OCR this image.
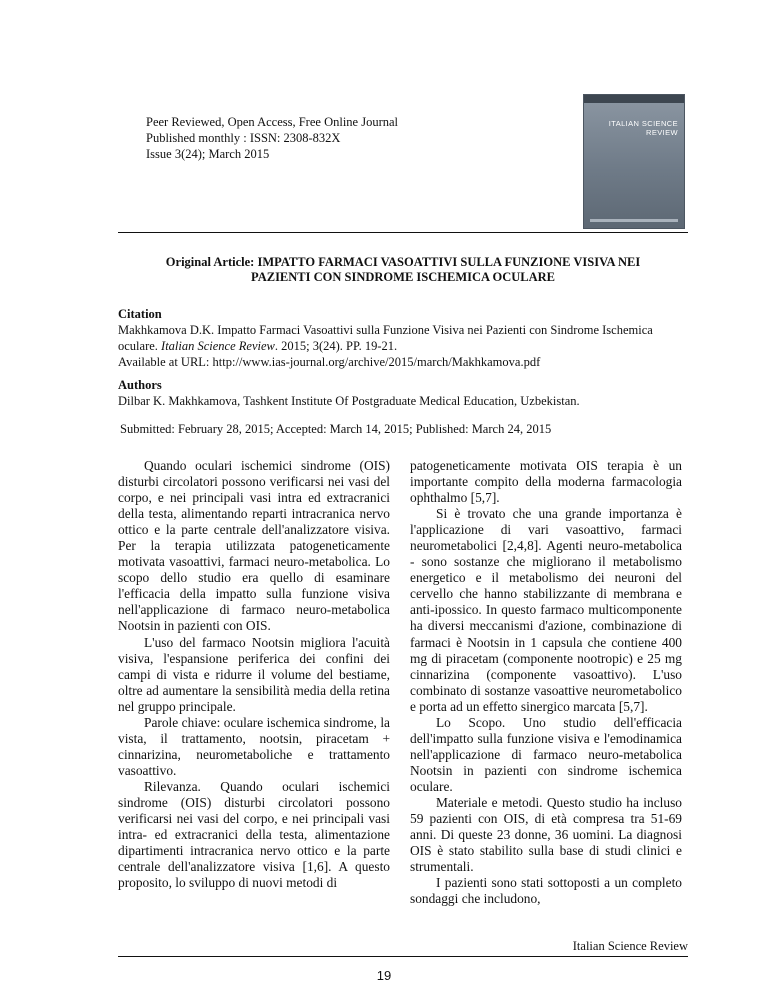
Peer Reviewed, Open Access, Free Online Journal
Published monthly : ISSN: 2308-832X
Issue 3(24); March 2015
ITALIAN SCIENCE
REVIEW
Original Article: IMPATTO FARMACI VASOATTIVI SULLA FUNZIONE VISIVA NEI
PAZIENTI CON SINDROME ISCHEMICA OCULARE
Citation
Makhkamova D.K. Impatto Farmaci Vasoattivi sulla Funzione Visiva nei Pazienti con Sindrome Ischemica oculare. Italian Science Review. 2015; 3(24). PP. 19-21.
Available at URL: http://www.ias-journal.org/archive/2015/march/Makhkamova.pdf
Authors
Dilbar K. Makhkamova, Tashkent Institute Of Postgraduate Medical Education, Uzbekistan.
Submitted: February 28, 2015; Accepted: March 14, 2015; Published: March 24, 2015

Quando oculari ischemici sindrome (OIS) disturbi circolatori possono verificarsi nei vasi del corpo, e nei principali vasi intra ed extracranici della testa, alimentando reparti intracranica nervo ottico e la parte centrale dell'analizzatore visiva. Per la terapia utilizzata patogeneticamente motivata vasoattivi, farmaci neuro-metabolica. Lo scopo dello studio era quello di esaminare l'efficacia della impatto sulla funzione visiva nell'applicazione di farmaco neuro-metabolica Nootsin in pazienti con OIS.

L'uso del farmaco Nootsin migliora l'acuità visiva, l'espansione periferica dei confini dei campi di vista e ridurre il volume del bestiame, oltre ad aumentare la sensibilità media della retina nel gruppo principale.

Parole chiave: oculare ischemica sindrome, la vista, il trattamento, nootsin, piracetam + cinnarizina, neurometaboliche e trattamento vasoattivo.

Rilevanza. Quando oculari ischemici sindrome (OIS) disturbi circolatori possono verificarsi nei vasi del corpo, e nei principali vasi intra- ed extracranici della testa, alimentazione dipartimenti intracranica nervo ottico e la parte centrale dell'analizzatore visiva [1,6]. A questo proposito, lo sviluppo di nuovi metodi di

patogeneticamente motivata OIS terapia è un importante compito della moderna farmacologia ophthalmo [5,7].

Si è trovato che una grande importanza è l'applicazione di vari vasoattivo, farmaci neurometabolici [2,4,8]. Agenti neuro-metabolica - sono sostanze che migliorano il metabolismo energetico e il metabolismo dei neuroni del cervello che hanno stabilizzante di membrana e anti-ipossico. In questo farmaco multicomponente ha diversi meccanismi d'azione, combinazione di farmaci è Nootsin in 1 capsula che contiene 400 mg di piracetam (componente nootropic) e 25 mg cinnarizina (componente vasoattivo). L'uso combinato di sostanze vasoattive neurometabolico e porta ad un effetto sinergico marcata [5,7].

Lo Scopo. Uno studio dell'efficacia dell'impatto sulla funzione visiva e l'emodinamica nell'applicazione di farmaco neuro-metabolica Nootsin in pazienti con sindrome ischemica oculare.

Materiale e metodi. Questo studio ha incluso 59 pazienti con OIS, di età compresa tra 51-69 anni. Di queste 23 donne, 36 uomini. La diagnosi OIS è stato stabilito sulla base di studi clinici e strumentali.

I pazienti sono stati sottoposti a un completo sondaggi che includono,

Italian Science Review
19
